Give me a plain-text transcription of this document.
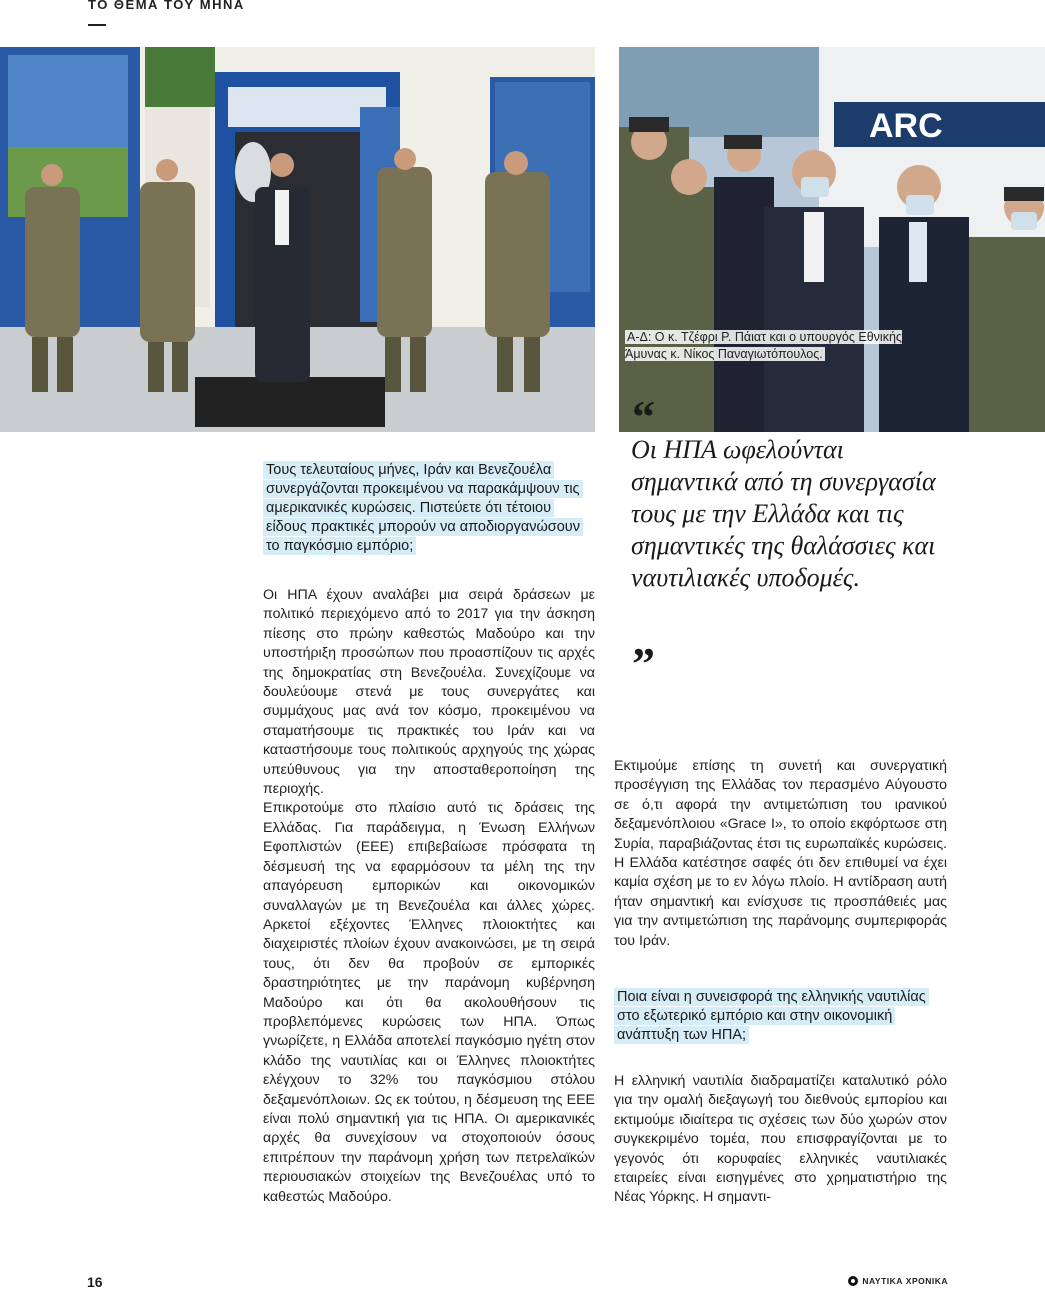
ΤΟ ΘΕΜΑ ΤΟΥ ΜΗΝΑ
ARC
Α-Δ: Ο κ. Τζέφρι Ρ. Πάιατ και ο υπουργός Εθνικής Άμυνας κ. Νίκος Παναγιωτόπουλος.
Τους τελευταίους μήνες, Ιράν και Βενεζουέλα συνεργάζονται προκειμένου να παρακάμψουν τις αμερικανικές κυρώσεις. Πιστεύετε ότι τέτοιου είδους πρακτικές μπορούν να αποδιοργανώσουν το παγκόσμιο εμπόριο;

Οι ΗΠΑ έχουν αναλάβει μια σειρά δράσεων με πολιτικό περιεχόμενο από το 2017 για την άσκηση πίεσης στο πρώην καθεστώς Μαδούρο και την υποστήριξη προσώπων που προασπίζουν τις αρχές της δημοκρατίας στη Βενεζουέλα. Συνεχίζουμε να δουλεύουμε στενά με τους συνεργάτες και συμμάχους μας ανά τον κόσμο, προκειμένου να σταματήσουμε τις πρακτικές του Ιράν και να καταστήσουμε τους πολιτικούς αρχηγούς της χώρας υπεύθυνους για την αποσταθεροποίηση της περιοχής.

Επικροτούμε στο πλαίσιο αυτό τις δράσεις της Ελλάδας. Για παράδειγμα, η Ένωση Ελλήνων Εφοπλιστών (ΕΕΕ) επιβεβαίωσε πρόσφατα τη δέσμευσή της να εφαρμόσουν τα μέλη της την απαγόρευση εμπορικών και οικονομικών συναλλαγών με τη Βενεζουέλα και άλλες χώρες. Αρκετοί εξέχοντες Έλληνες πλοιοκτήτες και διαχειριστές πλοίων έχουν ανακοινώσει, με τη σειρά τους, ότι δεν θα προβούν σε εμπορικές δραστηριότητες με την παράνομη κυβέρνηση Μαδούρο και ότι θα ακολουθήσουν τις προβλεπόμενες κυρώσεις των ΗΠΑ. Όπως γνωρίζετε, η Ελλάδα αποτελεί παγκόσμιο ηγέτη στον κλάδο της ναυτιλίας και οι Έλληνες πλοιοκτήτες ελέγχουν το 32% του παγκόσμιου στόλου δεξαμενόπλοιων. Ως εκ τούτου, η δέσμευση της ΕΕΕ είναι πολύ σημαντική για τις ΗΠΑ. Οι αμερικανικές αρχές θα συνεχίσουν να στοχοποιούν όσους επιτρέπουν την παράνομη χρήση των πετρελαϊκών περιουσιακών στοιχείων της Βενεζουέλας υπό το καθεστώς Μαδούρο.

“
Οι ΗΠΑ ωφελούνται σημαντικά από τη συνεργασία τους με την Ελλάδα και τις σημαντικές της θαλάσσιες και ναυτιλιακές υποδομές.
”

Εκτιμούμε επίσης τη συνετή και συνεργατική προσέγγιση της Ελλάδας τον περασμένο Αύγουστο σε ό,τι αφορά την αντιμετώπιση του ιρανικού δεξαμενόπλοιου «Grace I», το οποίο εκφόρτωσε στη Συρία, παραβιάζοντας έτσι τις ευρωπαϊκές κυρώσεις. Η Ελλάδα κατέστησε σαφές ότι δεν επιθυμεί να έχει καμία σχέση με το εν λόγω πλοίο. Η αντίδραση αυτή ήταν σημαντική και ενίσχυσε τις προσπάθειές μας για την αντιμετώπιση της παράνομης συμπεριφοράς του Ιράν.

Ποια είναι η συνεισφορά της ελληνικής ναυτιλίας στο εξωτερικό εμπόριο και στην οικονομική ανάπτυξη των ΗΠΑ;

Η ελληνική ναυτιλία διαδραματίζει καταλυτικό ρόλο για την ομαλή διεξαγωγή του διεθνούς εμπορίου και εκτιμούμε ιδιαίτερα τις σχέσεις των δύο χωρών στον συγκεκριμένο τομέα, που επισφραγίζονται με το γεγονός ότι κορυφαίες ελληνικές ναυτιλιακές εταιρείες είναι εισηγμένες στο χρηματιστήριο της Νέας Υόρκης. Η σημαντι-

16	ΝΑΥΤΙΚΑ ΧΡΟΝΙΚΑ
